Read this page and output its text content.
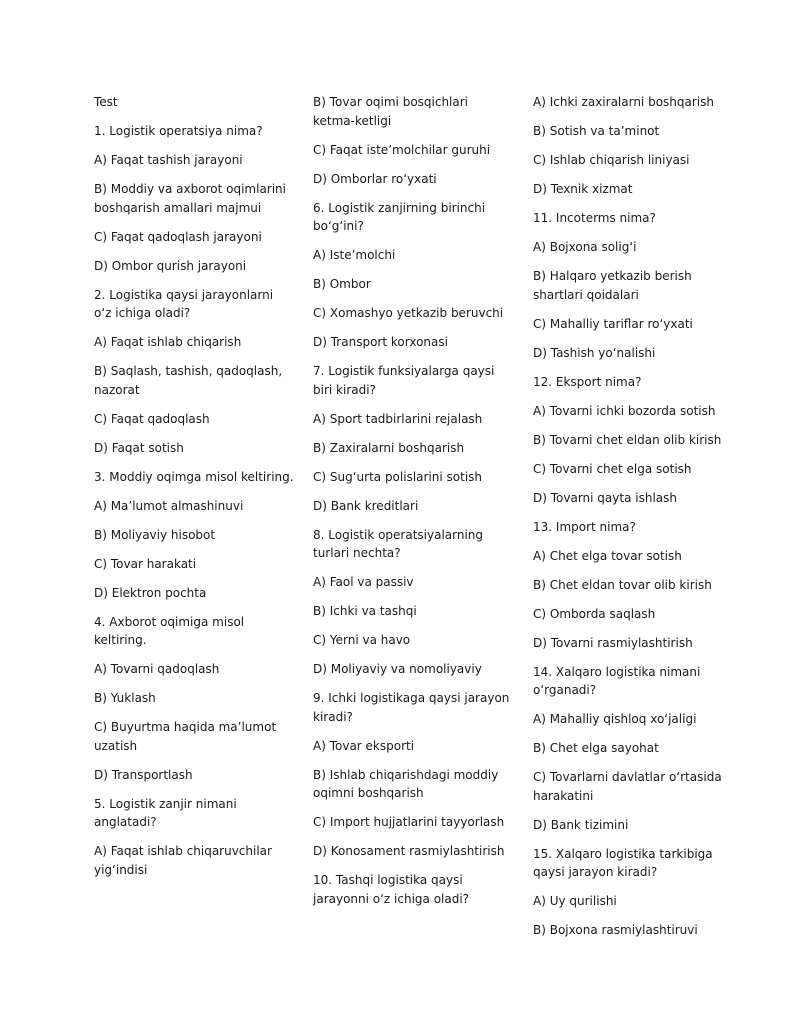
Test

1. Logistik operatsiya nima?

A) Faqat tashish jarayoni

B) Moddiy va axborot oqimlarini boshqarish amallari majmui

C) Faqat qadoqlash jarayoni

D) Ombor qurish jarayoni

2. Logistika qaysi jarayonlarni o‘z ichiga oladi?

A) Faqat ishlab chiqarish

B) Saqlash, tashish, qadoqlash, nazorat

C) Faqat qadoqlash

D) Faqat sotish

3. Moddiy oqimga misol keltiring.

A) Ma’lumot almashinuvi

B) Moliyaviy hisobot

C) Tovar harakati

D) Elektron pochta

4. Axborot oqimiga misol keltiring.

A) Tovarni qadoqlash

B) Yuklash

C) Buyurtma haqida ma’lumot uzatish

D) Transportlash

5. Logistik zanjir nimani anglatadi?

A) Faqat ishlab chiqaruvchilar yig‘indisi

B) Tovar oqimi bosqichlari ketma-ketligi

C) Faqat iste’molchilar guruhi

D) Omborlar ro‘yxati

6. Logistik zanjirning birinchi bo‘g‘ini?

A) Iste’molchi

B) Ombor

C) Xomashyo yetkazib beruvchi

D) Transport korxonasi

7. Logistik funksiyalarga qaysi biri kiradi?

A) Sport tadbirlarini rejalash

B) Zaxiralarni boshqarish

C) Sug‘urta polislarini sotish

D) Bank kreditlari

8. Logistik operatsiyalarning turlari nechta?

A) Faol va passiv

B) Ichki va tashqi

C) Yerni va havo

D) Moliyaviy va nomoliyaviy

9. Ichki logistikaga qaysi jarayon kiradi?

A) Tovar eksporti

B) Ishlab chiqarishdagi moddiy oqimni boshqarish

C) Import hujjatlarini tayyorlash

D) Konosament rasmiylashtirish

10. Tashqi logistika qaysi jarayonni o‘z ichiga oladi?

A) Ichki zaxiralarni boshqarish

B) Sotish va ta’minot

C) Ishlab chiqarish liniyasi

D) Texnik xizmat

11. Incoterms nima?

A) Bojxona solig‘i

B) Halqaro yetkazib berish shartlari qoidalari

C) Mahalliy tariflar ro‘yxati

D) Tashish yo‘nalishi

12. Eksport nima?

A) Tovarni ichki bozorda sotish

B) Tovarni chet eldan olib kirish

C) Tovarni chet elga sotish

D) Tovarni qayta ishlash

13. Import nima?

A) Chet elga tovar sotish

B) Chet eldan tovar olib kirish

C) Omborda saqlash

D) Tovarni rasmiylashtirish

14. Xalqaro logistika nimani o‘rganadi?

A) Mahalliy qishloq xo‘jaligi

B) Chet elga sayohat

C) Tovarlarni davlatlar o‘rtasida harakatini

D) Bank tizimini

15. Xalqaro logistika tarkibiga qaysi jarayon kiradi?

A) Uy qurilishi

B) Bojxona rasmiylashtiruvi
